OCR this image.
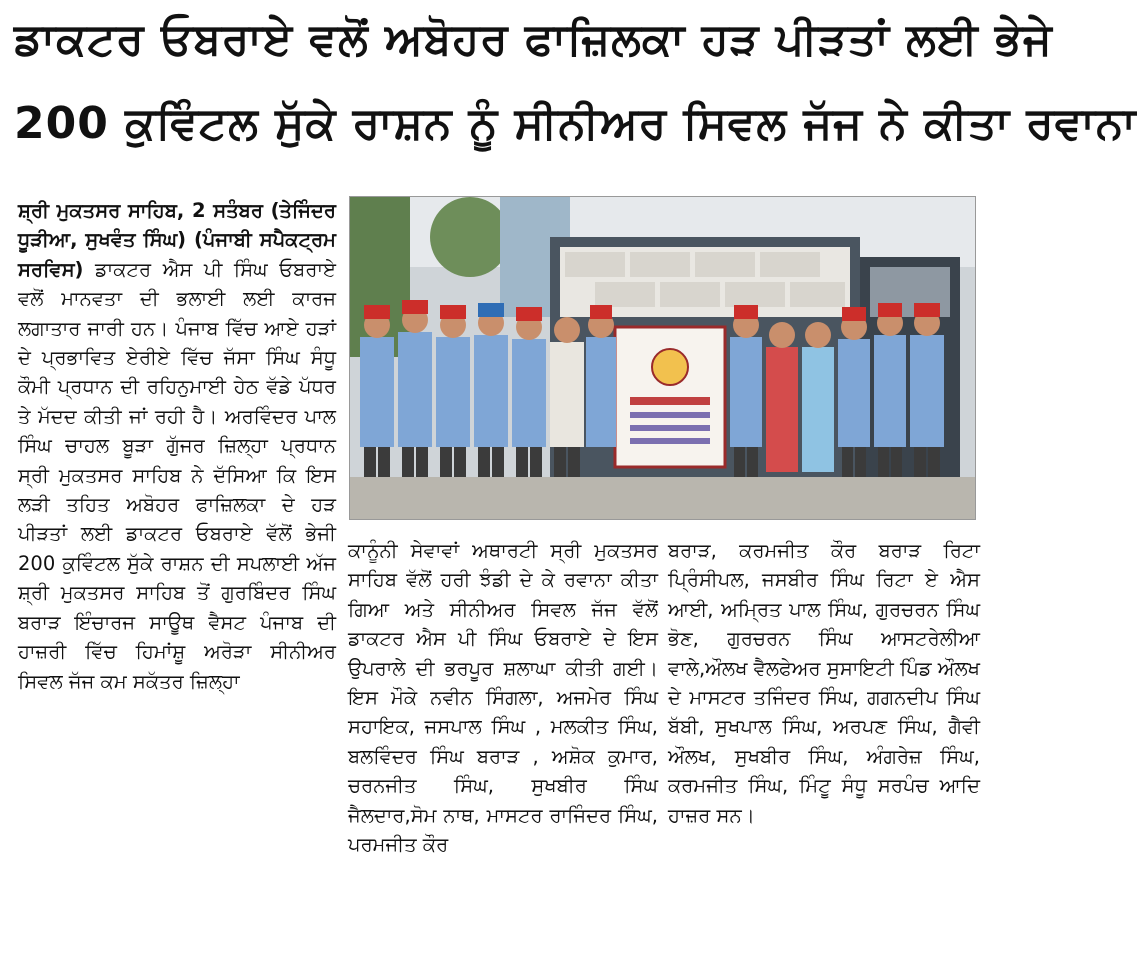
ਡਾਕਟਰ ਓਬਰਾਏ ਵਲੋਂ ਅਬੋਹਰ ਫਾਜ਼ਿਲਕਾ ਹੜ ਪੀੜਤਾਂ ਲਈ ਭੇਜੇ
200 ਕੁਵਿੰਟਲ ਸੁੱਕੇ ਰਾਸ਼ਨ ਨੂੰ ਸੀਨੀਅਰ ਸਿਵਲ ਜੱਜ ਨੇ ਕੀਤਾ ਰਵਾਨਾ

ਸ਼੍ਰੀ ਮੁਕਤਸਰ ਸਾਹਿਬ, 2 ਸਤੰਬਰ (ਤੇਜਿੰਦਰ ਧੂੜੀਆ, ਸੁਖਵੰਤ ਸਿੰਘ) (ਪੰਜਾਬੀ ਸਪੈਕਟ੍ਰਮ ਸਰਵਿਸ) ਡਾਕਟਰ ਐਸ ਪੀ ਸਿੰਘ ਓਬਰਾਏ ਵਲੋਂ ਮਾਨਵਤਾ ਦੀ ਭਲਾਈ ਲਈ ਕਾਰਜ ਲਗਾਤਾਰ ਜਾਰੀ ਹਨ। ਪੰਜਾਬ ਵਿੱਚ ਆਏ ਹੜਾਂ ਦੇ ਪ੍ਰਭਾਵਿਤ ਏਰੀਏ ਵਿੱਚ ਜੱਸਾ ਸਿੰਘ ਸੰਧੂ ਕੌਮੀ ਪ੍ਰਧਾਨ ਦੀ ਰਹਿਨੁਮਾਈ ਹੇਠ ਵੱਡੇ ਪੱਧਰ ਤੇ ਮੱਦਦ ਕੀਤੀ ਜਾਂ ਰਹੀ ਹੈ। ਅਰਵਿੰਦਰ ਪਾਲ ਸਿੰਘ ਚਾਹਲ ਬੂੜਾ ਗੁੱਜਰ ਜ਼ਿਲ੍ਹਾ ਪ੍ਰਧਾਨ ਸ੍ਰੀ ਮੁਕਤਸਰ ਸਾਹਿਬ ਨੇ ਦੱਸਿਆ ਕਿ ਇਸ ਲੜੀ ਤਹਿਤ ਅਬੋਹਰ ਫਾਜ਼ਿਲਕਾ ਦੇ ਹੜ ਪੀੜਤਾਂ ਲਈ ਡਾਕਟਰ ਓਬਰਾਏ ਵੱਲੋਂ ਭੇਜੀ 200 ਕੁਵਿੰਟਲ ਸੁੱਕੇ ਰਾਸ਼ਨ ਦੀ ਸਪਲਾਈ ਅੱਜ ਸ਼੍ਰੀ ਮੁਕਤਸਰ ਸਾਹਿਬ ਤੋਂ ਗੁਰਬਿੰਦਰ ਸਿੰਘ ਬਰਾੜ ਇੰਚਾਰਜ ਸਾਊਥ ਵੈਸਟ ਪੰਜਾਬ ਦੀ ਹਾਜ਼ਰੀ ਵਿੱਚ ਹਿਮਾਂਸ਼ੂ ਅਰੋੜਾ ਸੀਨੀਅਰ ਸਿਵਲ ਜੱਜ ਕਮ ਸਕੱਤਰ ਜ਼ਿਲ੍ਹਾ

ਕਾਨੂੰਨੀ ਸੇਵਾਵਾਂ ਅਥਾਰਟੀ ਸ੍ਰੀ ਮੁਕਤਸਰ ਸਾਹਿਬ ਵੱਲੋਂ ਹਰੀ ਝੰਡੀ ਦੇ ਕੇ ਰਵਾਨਾ ਕੀਤਾ ਗਿਆ ਅਤੇ ਸੀਨੀਅਰ ਸਿਵਲ ਜੱਜ ਵੱਲੋਂ ਡਾਕਟਰ ਐਸ ਪੀ ਸਿੰਘ ਓਬਰਾਏ ਦੇ ਇਸ ਉਪਰਾਲੇ ਦੀ ਭਰਪੂਰ ਸ਼ਲਾਘਾ ਕੀਤੀ ਗਈ। ਇਸ ਮੌਕੇ ਨਵੀਨ ਸਿੰਗਲਾ, ਅਜਮੇਰ ਸਿੰਘ ਸਹਾਇਕ, ਜਸਪਾਲ ਸਿੰਘ , ਮਲਕੀਤ ਸਿੰਘ, ਬਲਵਿੰਦਰ ਸਿੰਘ ਬਰਾੜ , ਅਸ਼ੋਕ ਕੁਮਾਰ, ਚਰਨਜੀਤ ਸਿੰਘ, ਸੁਖਬੀਰ ਸਿੰਘ ਜੈਲਦਾਰ,ਸੋਮ ਨਾਥ, ਮਾਸਟਰ ਰਾਜਿੰਦਰ ਸਿੰਘ, ਪਰਮਜੀਤ ਕੌਰ

ਬਰਾੜ, ਕਰਮਜੀਤ ਕੌਰ ਬਰਾੜ ਰਿਟਾ ਪ੍ਰਿੰਸੀਪਲ, ਜਸਬੀਰ ਸਿੰਘ ਰਿਟਾ ਏ ਐਸ ਆਈ, ਅਮ੍ਰਿਤ ਪਾਲ ਸਿੰਘ, ਗੁਰਚਰਨ ਸਿੰਘ ਭੋਣ, ਗੁਰਚਰਨ ਸਿੰਘ ਆਸਟਰੇਲੀਆ ਵਾਲੇ,ਔਲਖ ਵੈਲਫੇਅਰ ਸੁਸਾਇਟੀ ਪਿੰਡ ਔਲਖ ਦੇ ਮਾਸਟਰ ਤਜਿੰਦਰ ਸਿੰਘ, ਗਗਨਦੀਪ ਸਿੰਘ ਬੱਬੀ, ਸੁਖਪਾਲ ਸਿੰਘ, ਅਰਪਣ ਸਿੰਘ, ਗੈਵੀ ਔਲਖ, ਸੁਖਬੀਰ ਸਿੰਘ, ਅੰਗਰੇਜ਼ ਸਿੰਘ, ਕਰਮਜੀਤ ਸਿੰਘ, ਮਿੰਟੂ ਸੰਧੂ ਸਰਪੰਚ ਆਦਿ ਹਾਜ਼ਰ ਸਨ।
